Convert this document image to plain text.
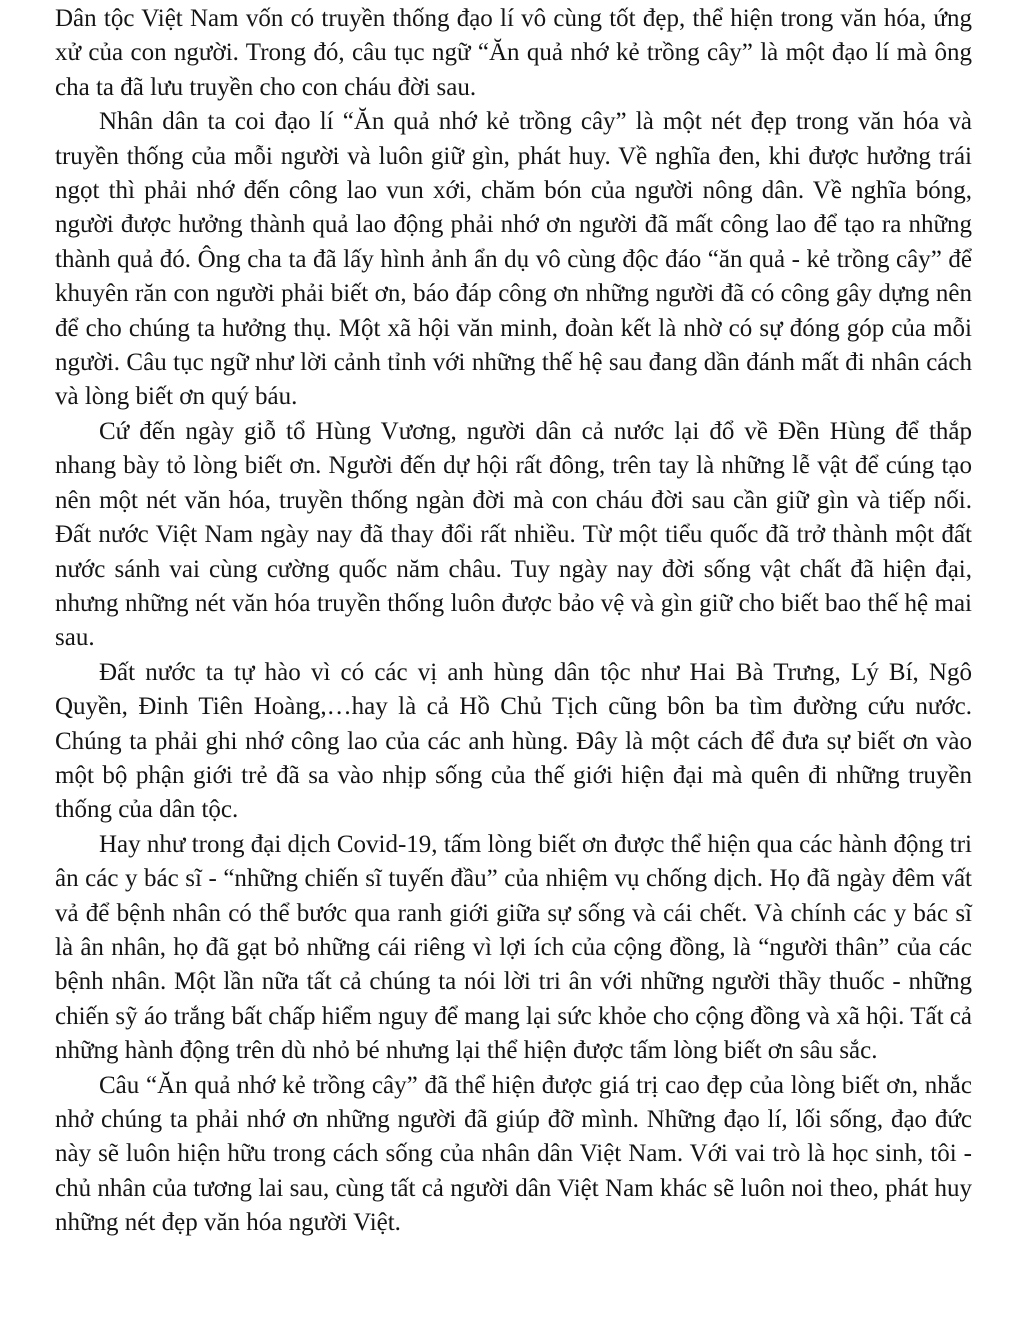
Dân tộc Việt Nam vốn có truyền thống đạo lí vô cùng tốt đẹp, thể hiện trong văn hóa, ứng xử của con người. Trong đó, câu tục ngữ “Ăn quả nhớ kẻ trồng cây” là một đạo lí mà ông cha ta đã lưu truyền cho con cháu đời sau.

Nhân dân ta coi đạo lí “Ăn quả nhớ kẻ trồng cây” là một nét đẹp trong văn hóa và truyền thống của mỗi người và luôn giữ gìn, phát huy. Về nghĩa đen, khi được hưởng trái ngọt thì phải nhớ đến công lao vun xới, chăm bón của người nông dân. Về nghĩa bóng, người được hưởng thành quả lao động phải nhớ ơn người đã mất công lao để tạo ra những thành quả đó. Ông cha ta đã lấy hình ảnh ẩn dụ vô cùng độc đáo “ăn quả - kẻ trồng cây” để khuyên răn con người phải biết ơn, báo đáp công ơn những người đã có công gây dựng nên để cho chúng ta hưởng thụ. Một xã hội văn minh, đoàn kết là nhờ có sự đóng góp của mỗi người. Câu tục ngữ như lời cảnh tỉnh với những thế hệ sau đang dần đánh mất đi nhân cách và lòng biết ơn quý báu.

Cứ đến ngày giỗ tổ Hùng Vương, người dân cả nước lại đổ về Đền Hùng để thắp nhang bày tỏ lòng biết ơn. Người đến dự hội rất đông, trên tay là những lễ vật để cúng tạo nên một nét văn hóa, truyền thống ngàn đời mà con cháu đời sau cần giữ gìn và tiếp nối. Đất nước Việt Nam ngày nay đã thay đổi rất nhiều. Từ một tiểu quốc đã trở thành một đất nước sánh vai cùng cường quốc năm châu. Tuy ngày nay đời sống vật chất đã hiện đại, nhưng những nét văn hóa truyền thống luôn được bảo vệ và gìn giữ cho biết bao thế hệ mai sau.

Đất nước ta tự hào vì có các vị anh hùng dân tộc như Hai Bà Trưng, Lý Bí, Ngô Quyền, Đinh Tiên Hoàng,…hay là cả Hồ Chủ Tịch cũng bôn ba tìm đường cứu nước. Chúng ta phải ghi nhớ công lao của các anh hùng. Đây là một cách để đưa sự biết ơn vào một bộ phận giới trẻ đã sa vào nhịp sống của thế giới hiện đại mà quên đi những truyền thống của dân tộc.

Hay như trong đại dịch Covid-19, tấm lòng biết ơn được thể hiện qua các hành động tri ân các y bác sĩ - “những chiến sĩ tuyến đầu” của nhiệm vụ chống dịch. Họ đã ngày đêm vất vả để bệnh nhân có thể bước qua ranh giới giữa sự sống và cái chết. Và chính các y bác sĩ là ân nhân, họ đã gạt bỏ những cái riêng vì lợi ích của cộng đồng, là “người thân” của các bệnh nhân. Một lần nữa tất cả chúng ta nói lời tri ân với những người thầy thuốc - những chiến sỹ áo trắng bất chấp hiểm nguy để mang lại sức khỏe cho cộng đồng và xã hội. Tất cả những hành động trên dù nhỏ bé nhưng lại thể hiện được tấm lòng biết ơn sâu sắc.

Câu “Ăn quả nhớ kẻ trồng cây” đã thể hiện được giá trị cao đẹp của lòng biết ơn, nhắc nhở chúng ta phải nhớ ơn những người đã giúp đỡ mình. Những đạo lí, lối sống, đạo đức này sẽ luôn hiện hữu trong cách sống của nhân dân Việt Nam. Với vai trò là học sinh, tôi - chủ nhân của tương lai sau, cùng tất cả người dân Việt Nam khác sẽ luôn noi theo, phát huy những nét đẹp văn hóa người Việt.
